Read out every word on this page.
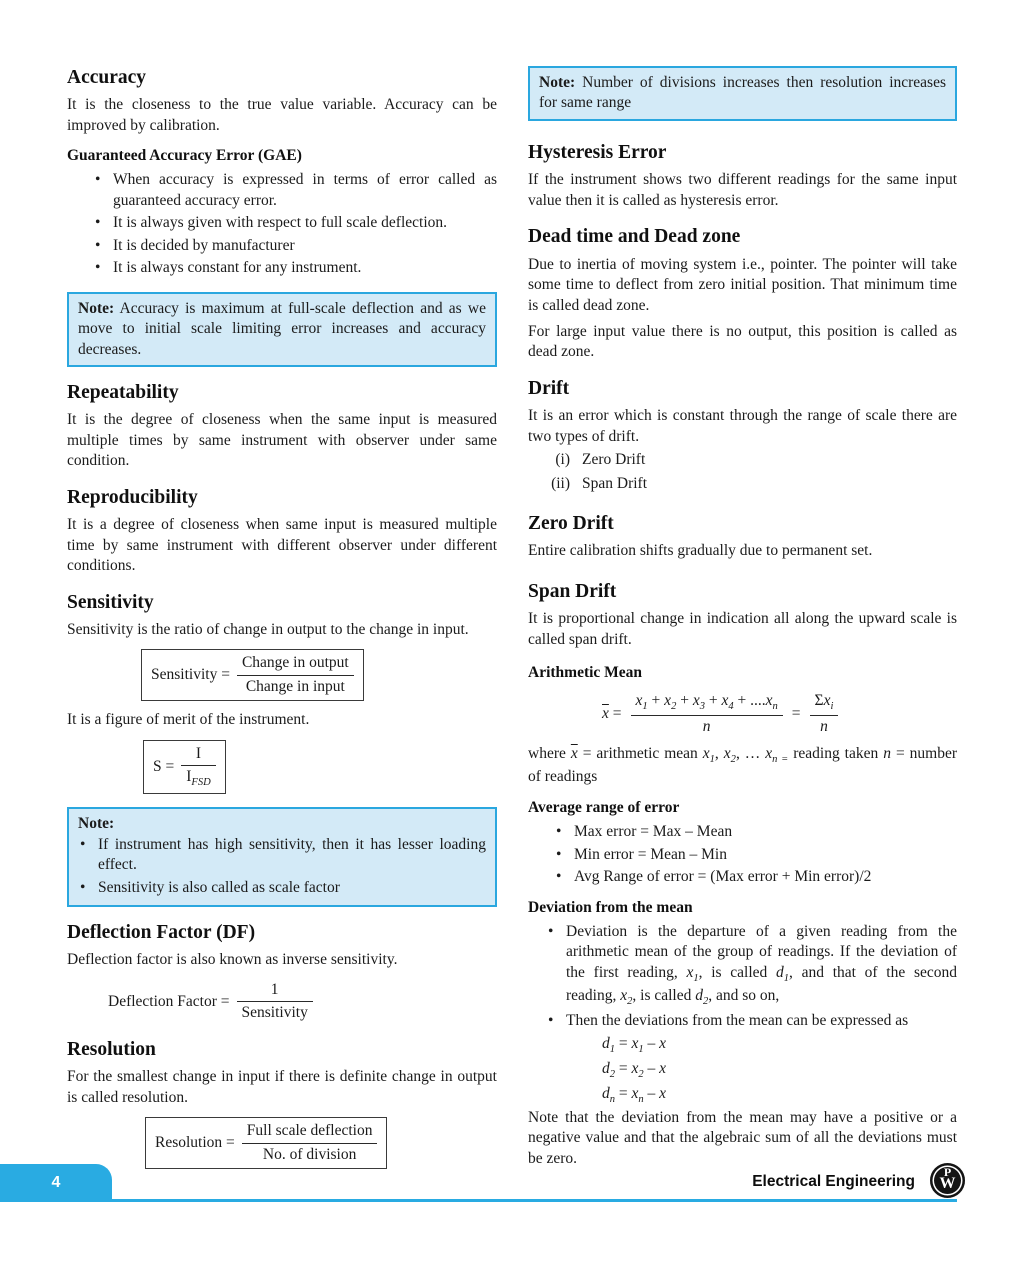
Accuracy

It is the closeness to the true value variable. Accuracy can be improved by calibration.

Guaranteed Accuracy Error (GAE)
•
When accuracy is expressed in terms of error called as guaranteed accuracy error.
•
It is always given with respect to full scale deflection.
•
It is decided by manufacturer
•
It is always constant for any instrument.

Note: Accuracy is maximum at full-scale deflection and as we move to initial scale limiting error increases and accuracy decreases.

Repeatability

It is the degree of closeness when the same input is measured multiple times by same instrument with observer under same condition.

Reproducibility

It is a degree of closeness when same input is measured multiple time by same instrument with different observer under different conditions.

Sensitivity

Sensitivity is the ratio of change in output to the change in input.

Sensitivity = $\frac{\text{Change in output}}{\text{Change in input}}$

It is a figure of merit of the instrument.

$S = \frac{I}{I_{FSD}}$

Note:

•
If instrument has high sensitivity, then it has lesser loading effect.
•
Sensitivity is also called as scale factor
Deflection Factor (DF)

Deflection factor is also known as inverse sensitivity.

Deflection Factor = $\frac{1}{\text{Sensitivity}}$
Resolution

For the smallest change in input if there is definite change in output is called resolution.

Resolution = $\frac{\text{Full scale deflection}}{\text{No. of division}}$

Note: Number of divisions increases then resolution increases for same range

Hysteresis Error

If the instrument shows two different readings for the same input value then it is called as hysteresis error.

Dead time and Dead zone

Due to inertia of moving system i.e., pointer. The pointer will take some time to deflect from zero initial position. That minimum time is called dead zone.

For large input value there is no output, this position is called as dead zone.

Drift

It is an error which is constant through the range of scale there are two types of drift.

(i) Zero Drift
(ii) Span Drift
Zero Drift

Entire calibration shifts gradually due to permanent set.

Span Drift

It is proportional change in indication all along the upward scale is called span drift.

Arithmetic Mean
$\overline{x} = \frac{x_1 + x_2 + x_3 + x_4 + ....x_n}{n} = \frac{\Sigma x_i}{n}$

where $\overline{x}$ = arithmetic mean $x_1$, $x_2$, … $x_{n =}$ reading taken n = number of readings

Average range of error
•
Max error = Max – Mean
•
Min error = Mean – Min
•
Avg Range of error = (Max error + Min error)/2
Deviation from the mean
•
Deviation is the departure of a given reading from the arithmetic mean of the group of readings. If the deviation of the first reading, $x_1$, is called $d_1$, and that of the second reading, $x_2$, is called $d_2$, and so on,
•
Then the deviations from the mean can be expressed as
$d_1 = x_1 - x$
$d_2 = x_2 - x$
$d_n = x_n - x$

Note that the deviation from the mean may have a positive or a negative value and that the algebraic sum of all the deviations must be zero.

4	Electrical Engineering
P
W
